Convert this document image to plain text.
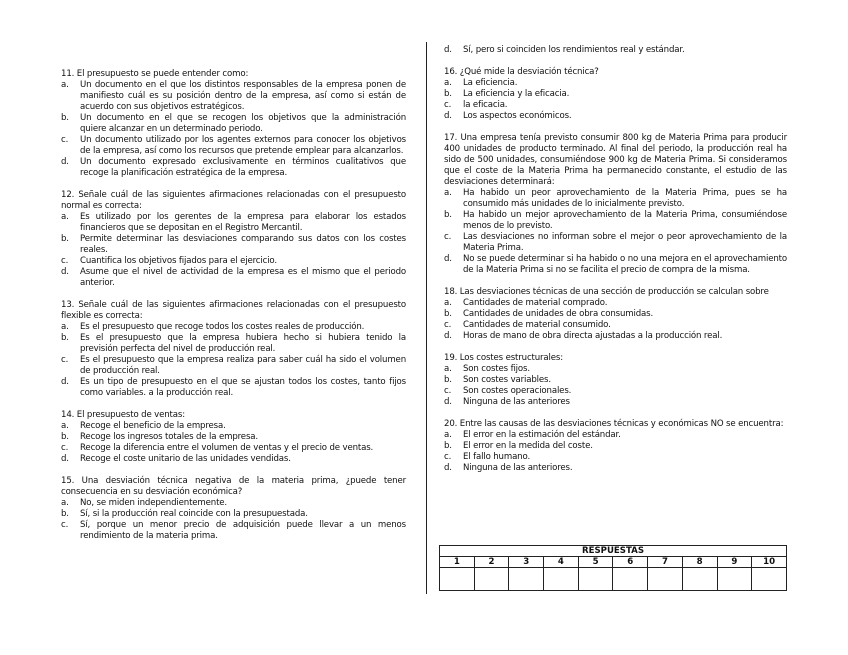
11. El presupuesto se puede entender como:

a.	Un documento en el que los distintos responsables de la empresa ponen de manifiesto cuál es su posición dentro de la empresa, así como si están de acuerdo con sus objetivos estratégicos.
b.	Un documento en el que se recogen los objetivos que la administración quiere alcanzar en un determinado periodo.
c.	Un documento utilizado por los agentes externos para conocer los objetivos de la empresa, así como los recursos que pretende emplear para alcanzarlos.
d.	Un documento expresado exclusivamente en términos cualitativos que recoge la planificación estratégica de la empresa.

12. Señale cuál de las siguientes afirmaciones relacionadas con el presupuesto normal es correcta:

a.	Es utilizado por los gerentes de la empresa para elaborar los estados financieros que se depositan en el Registro Mercantil.
b.	Permite determinar las desviaciones comparando sus datos con los costes reales.
c.	Cuantifica los objetivos fijados para el ejercicio.
d.	Asume que el nivel de actividad de la empresa es el mismo que el periodo anterior.

13. Señale cuál de las siguientes afirmaciones relacionadas con el presupuesto flexible es correcta:

a.	Es el presupuesto que recoge todos los costes reales de producción.
b.	Es el presupuesto que la empresa hubiera hecho si hubiera tenido la previsión perfecta del nivel de producción real.
c.	Es el presupuesto que la empresa realiza para saber cuál ha sido el volumen de producción real.
d.	Es un tipo de presupuesto en el que se ajustan todos los costes, tanto fijos como variables. a la producción real.

14. El presupuesto de ventas:

a.	Recoge el beneficio de la empresa.
b.	Recoge los ingresos totales de la empresa.
c.	Recoge la diferencia entre el volumen de ventas y el precio de ventas.
d.	Recoge el coste unitario de las unidades vendidas.

15. Una desviación técnica negativa de la materia prima, ¿puede tener consecuencia en su desviación económica?

a.	No, se miden independientemente.
b.	Sí, si la producción real coincide con la presupuestada.
c.	Sí, porque un menor precio de adquisición puede llevar a un menos rendimiento de la materia prima.
d.	Sí, pero si coinciden los rendimientos real y estándar.

16. ¿Qué mide la desviación técnica?

a.	La eficiencia.
b.	La eficiencia y la eficacia.
c.	la eficacia.
d.	Los aspectos económicos.

17. Una empresa tenía previsto consumir 800 kg de Materia Prima para producir 400 unidades de producto terminado. Al final del periodo, la producción real ha sido de 500 unidades, consumiéndose 900 kg de Materia Prima. Si consideramos que el coste de la Materia Prima ha permanecido constante, el estudio de las desviaciones determinará:

a.	Ha habido un peor aprovechamiento de la Materia Prima, pues se ha consumido más unidades de lo inicialmente previsto.
b.	Ha habido un mejor aprovechamiento de la Materia Prima, consumiéndose menos de lo previsto.
c.	Las desviaciones no informan sobre el mejor o peor aprovechamiento de la Materia Prima.
d.	No se puede determinar si ha habido o no una mejora en el aprovechamiento de la Materia Prima si no se facilita el precio de compra de la misma.

18. Las desviaciones técnicas de una sección de producción se calculan sobre

a.	Cantidades de material comprado.
b.	Cantidades de unidades de obra consumidas.
c.	Cantidades de material consumido.
d.	Horas de mano de obra directa ajustadas a la producción real.

19. Los costes estructurales:

a.	Son costes fijos.
b.	Son costes variables.
c.	Son costes operacionales.
d.	Ninguna de las anteriores

20. Entre las causas de las desviaciones técnicas y económicas NO se encuentra:

a.	El error en la estimación del estándar.
b.	El error en la medida del coste.
c.	El fallo humano.
d.	Ninguna de las anteriores.
RESPUESTAS									
1	2	3	4	5	6	7	8	9	10
